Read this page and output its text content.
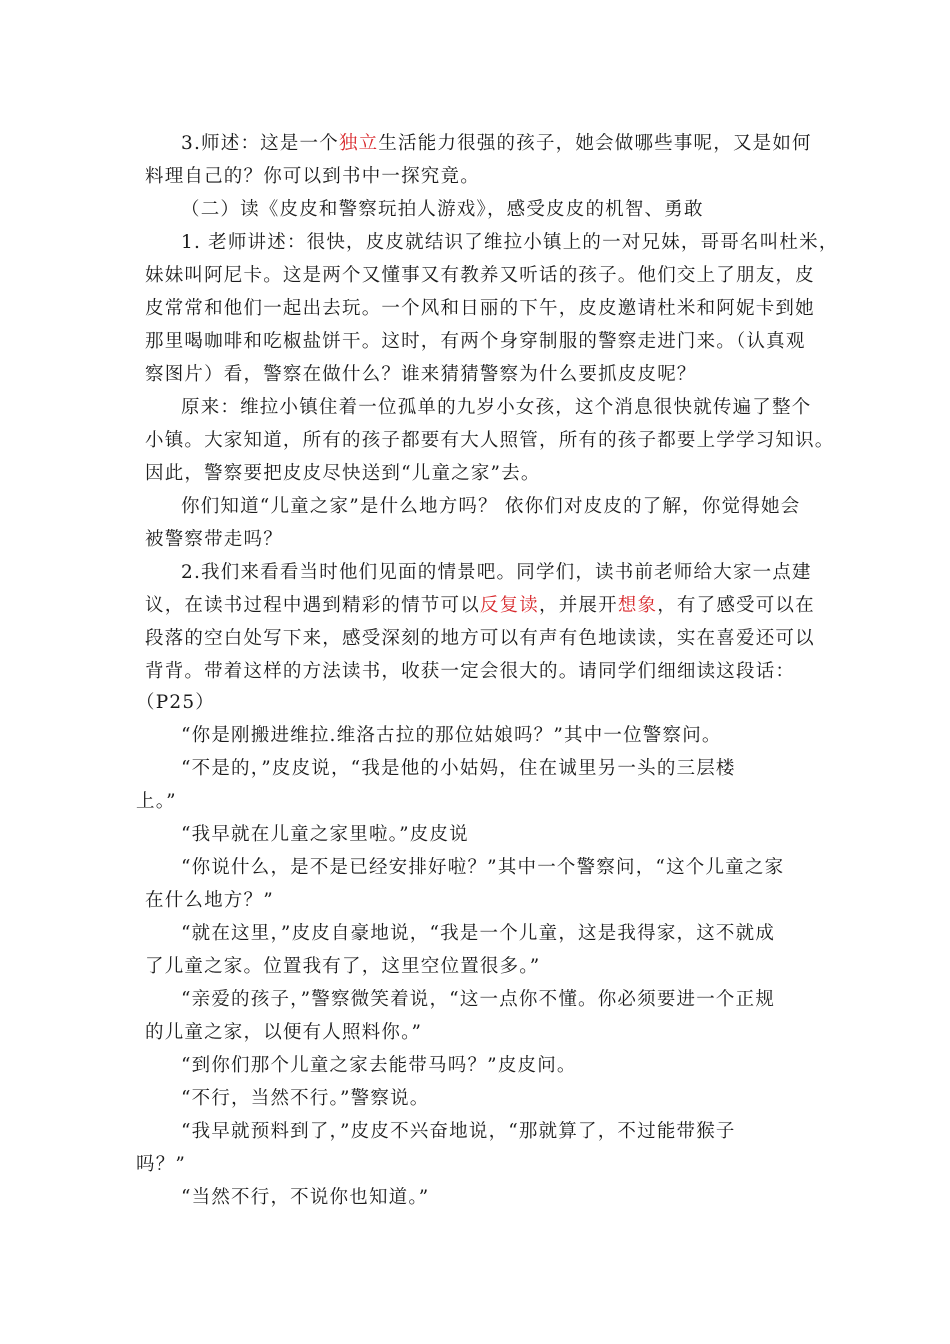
3.师述：这是一个独立生活能力很强的孩子，她会做哪些事呢，又是如何
料理自己的？你可以到书中一探究竟。
（二）读《皮皮和警察玩拍人游戏》，感受皮皮的机智、勇敢
1. 老师讲述：很快，皮皮就结识了维拉小镇上的一对兄妹，哥哥名叫杜米，
妹妹叫阿尼卡。这是两个又懂事又有教养又听话的孩子。他们交上了朋友，皮
皮常常和他们一起出去玩。一个风和日丽的下午，皮皮邀请杜米和阿妮卡到她
那里喝咖啡和吃椒盐饼干。这时，有两个身穿制服的警察走进门来。（认真观
察图片）看，警察在做什么？谁来猜猜警察为什么要抓皮皮呢？
原来：维拉小镇住着一位孤单的九岁小女孩，这个消息很快就传遍了整个
小镇。大家知道，所有的孩子都要有大人照管，所有的孩子都要上学学习知识。
因此，警察要把皮皮尽快送到“儿童之家”去。
你们知道“儿童之家”是什么地方吗？ 依你们对皮皮的了解，你觉得她会
被警察带走吗？
2.我们来看看当时他们见面的情景吧。同学们，读书前老师给大家一点建
议，在读书过程中遇到精彩的情节可以反复读，并展开想象，有了感受可以在
段落的空白处写下来，感受深刻的地方可以有声有色地读读，实在喜爱还可以
背背。带着这样的方法读书，收获一定会很大的。请同学们细细读这段话：
（P25）
“你是刚搬进维拉.维洛古拉的那位姑娘吗？”其中一位警察问。
“不是的，”皮皮说，“我是他的小姑妈，住在诚里另一头的三层楼
上。”
“我早就在儿童之家里啦。”皮皮说
“你说什么，是不是已经安排好啦？”其中一个警察问，“这个儿童之家
在什么地方？”
“就在这里，”皮皮自豪地说，“我是一个儿童，这是我得家，这不就成
了儿童之家。位置我有了，这里空位置很多。”
“亲爱的孩子，”警察微笑着说，“这一点你不懂。你必须要进一个正规
的儿童之家，以便有人照料你。”
“到你们那个儿童之家去能带马吗？”皮皮问。
“不行，当然不行。”警察说。
“我早就预料到了，”皮皮不兴奋地说，“那就算了，不过能带猴子
吗？”
“当然不行，不说你也知道。”
